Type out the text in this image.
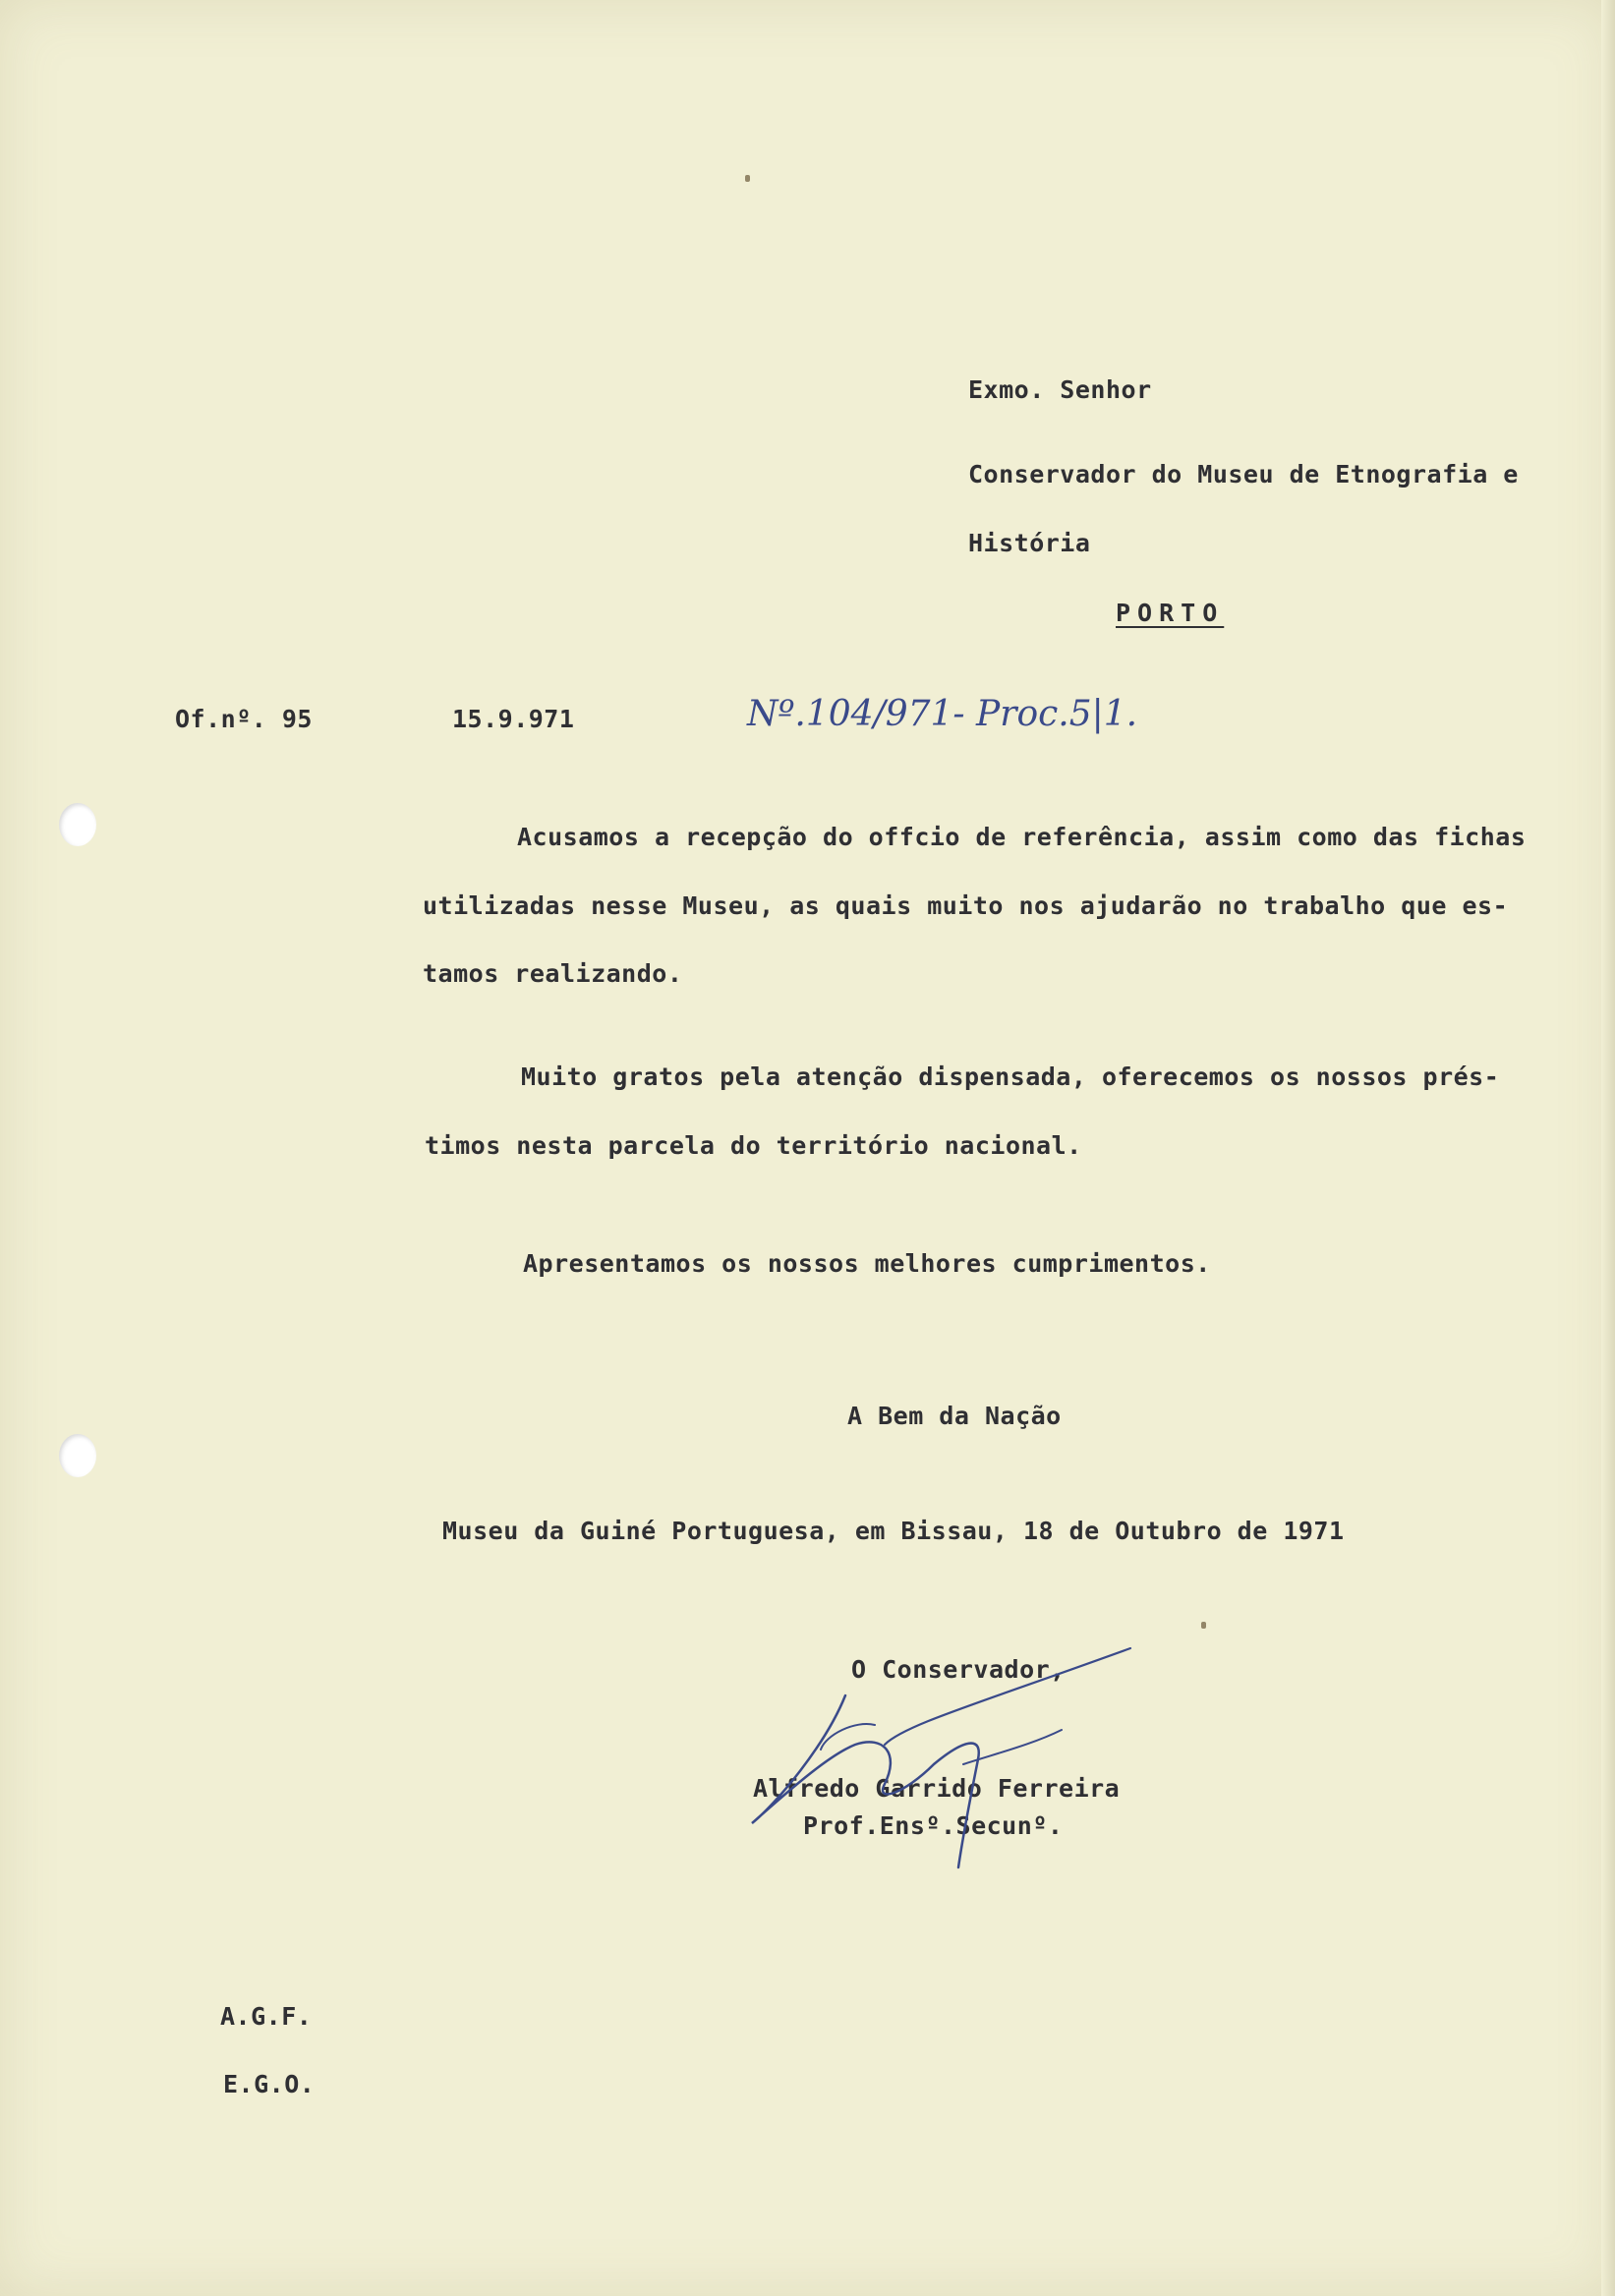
Exmo. Senhor
Conservador do Museu de Etnografia e
História
PORTO
Of.nº. 95	15.9.971	Nº.104/971- Proc.5|1.
Acusamos a recepção do offcio de referência, assim como das fichas
utilizadas nesse Museu, as quais muito nos ajudarão no trabalho que es-
tamos realizando.
Muito gratos pela atenção dispensada, oferecemos os nossos prés-
timos nesta parcela do território nacional.
Apresentamos os nossos melhores cumprimentos.
A Bem da Nação
Museu da Guiné Portuguesa, em Bissau, 18 de Outubro de 1971
O Conservador,
Alfredo Garrido Ferreira
Prof.Ensº.Secunº.
A.G.F.
E.G.O.
